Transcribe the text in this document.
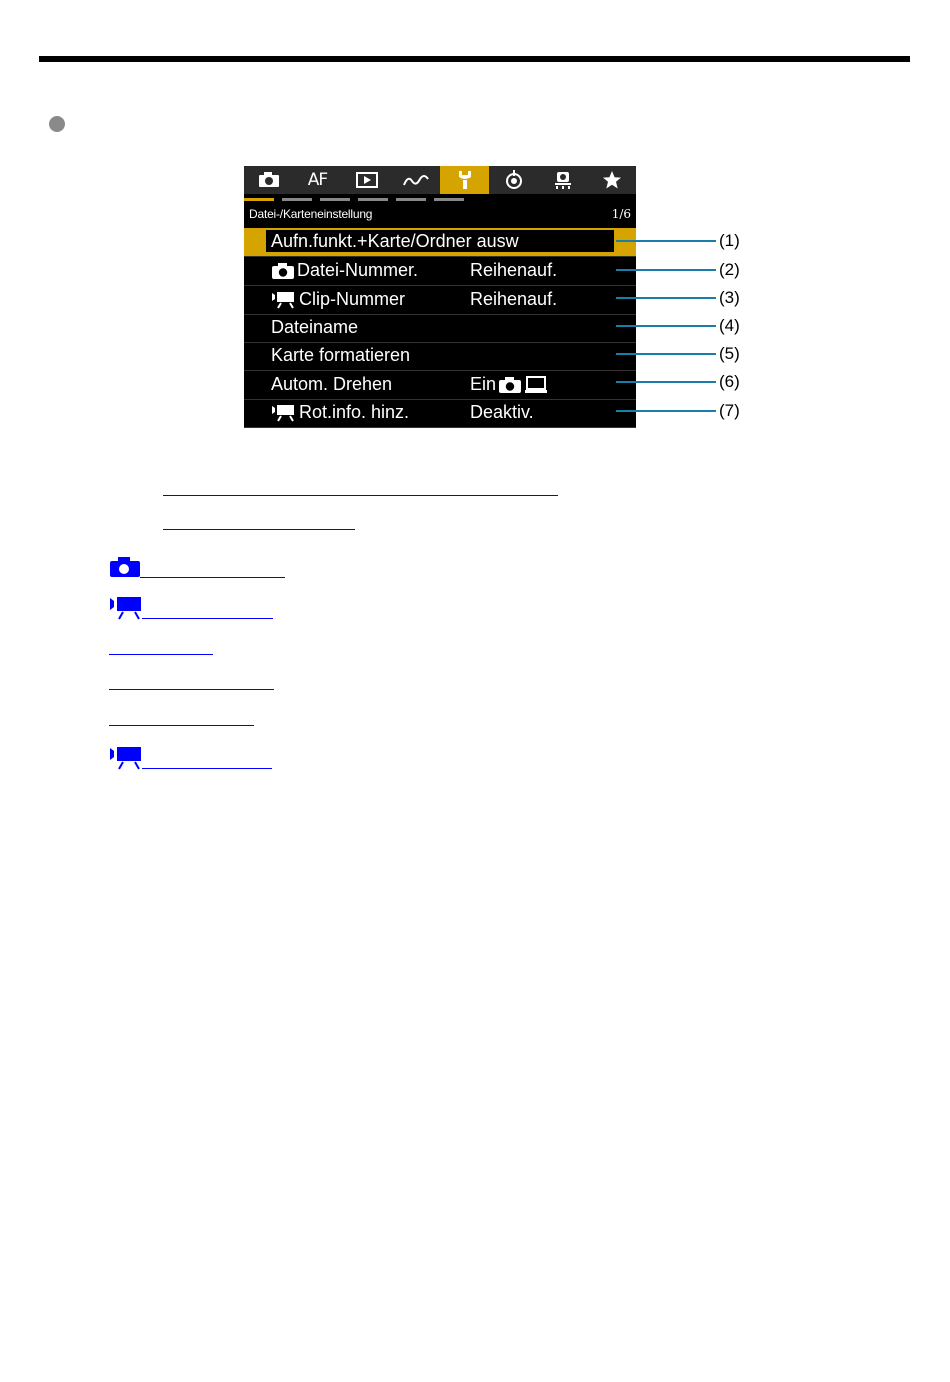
AF
Datei-/Karteneinstellung	1/6
Aufn.funkt.+Karte/Ordner ausw
Datei-Nummer.	Reihenauf.
Clip-Nummer	Reihenauf.
Dateiname
Karte formatieren
Autom. Drehen	Ein
Rot.info. hinz.	Deaktiv.
(1)
(2)
(3)
(4)
(5)
(6)
(7)
